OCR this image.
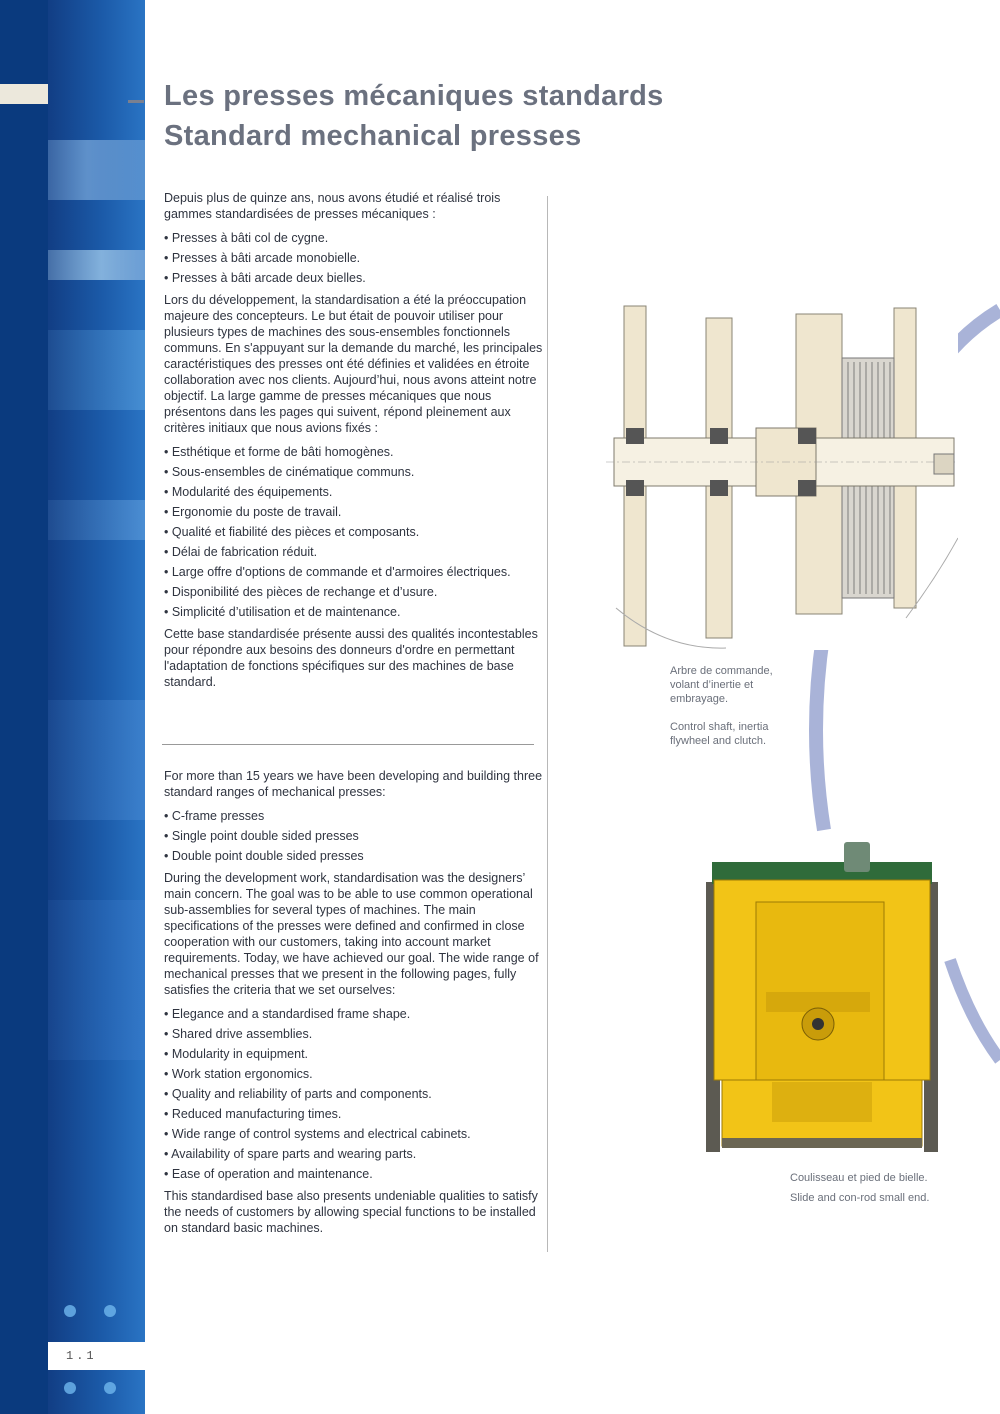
1.1
Les presses mécaniques standards
Standard mechanical presses

Depuis plus de quinze ans, nous avons étudié et réalisé trois gammes standardisées de presses mécaniques :

• Presses à bâti col de cygne.
• Presses à bâti arcade monobielle.
• Presses à bâti arcade deux bielles.

Lors du développement, la standardisation a été la préoccupation majeure des concepteurs. Le but était de pouvoir utiliser pour plusieurs types de machines des sous-ensembles fonctionnels communs. En s'appuyant sur la demande du marché, les principales caractéristiques des presses ont été définies et validées en étroite collaboration avec nos clients. Aujourd’hui, nous avons atteint notre objectif. La large gamme de presses mécaniques que nous présentons dans les pages qui suivent, répond pleinement aux critères initiaux que nous avions fixés :

• Esthétique et forme de bâti homogènes.
• Sous-ensembles de cinématique communs.
• Modularité des équipements.
• Ergonomie du poste de travail.
• Qualité et fiabilité des pièces et composants.
• Délai de fabrication réduit.
• Large offre d'options de commande et d'armoires électriques.
• Disponibilité des pièces de rechange et d’usure.
• Simplicité d’utilisation et de maintenance.

Cette base standardisée présente aussi des qualités incontestables pour répondre aux besoins des donneurs d'ordre en permettant l'adaptation de fonctions spécifiques sur des machines de base standard.

For more than 15 years we have been developing and building three standard ranges of mechanical presses:

• C-frame presses
• Single point double sided presses
• Double point double sided presses

During the development work, standardisation was the designers’ main concern. The goal was to be able to use common operational sub-assemblies for several types of machines. The main specifications of the presses were defined and confirmed in close cooperation with our customers, taking into account market requirements. Today, we have achieved our goal. The wide range of mechanical presses that we present in the following pages, fully satisfies the criteria that we set ourselves:

• Elegance and a standardised frame shape.
• Shared drive assemblies.
• Modularity in equipment.
• Work station ergonomics.
• Quality and reliability of parts and components.
• Reduced manufacturing times.
• Wide range of control systems and electrical cabinets.
• Availability of spare parts and wearing parts.
• Ease of operation and maintenance.

This standardised base also presents undeniable qualities to satisfy the needs of customers by allowing special functions to be installed on standard basic machines.

Arbre de commande, volant d’inertie et embrayage.
Control shaft, inertia flywheel and clutch.
Coulisseau et pied de bielle.
Slide and con-rod small end.
